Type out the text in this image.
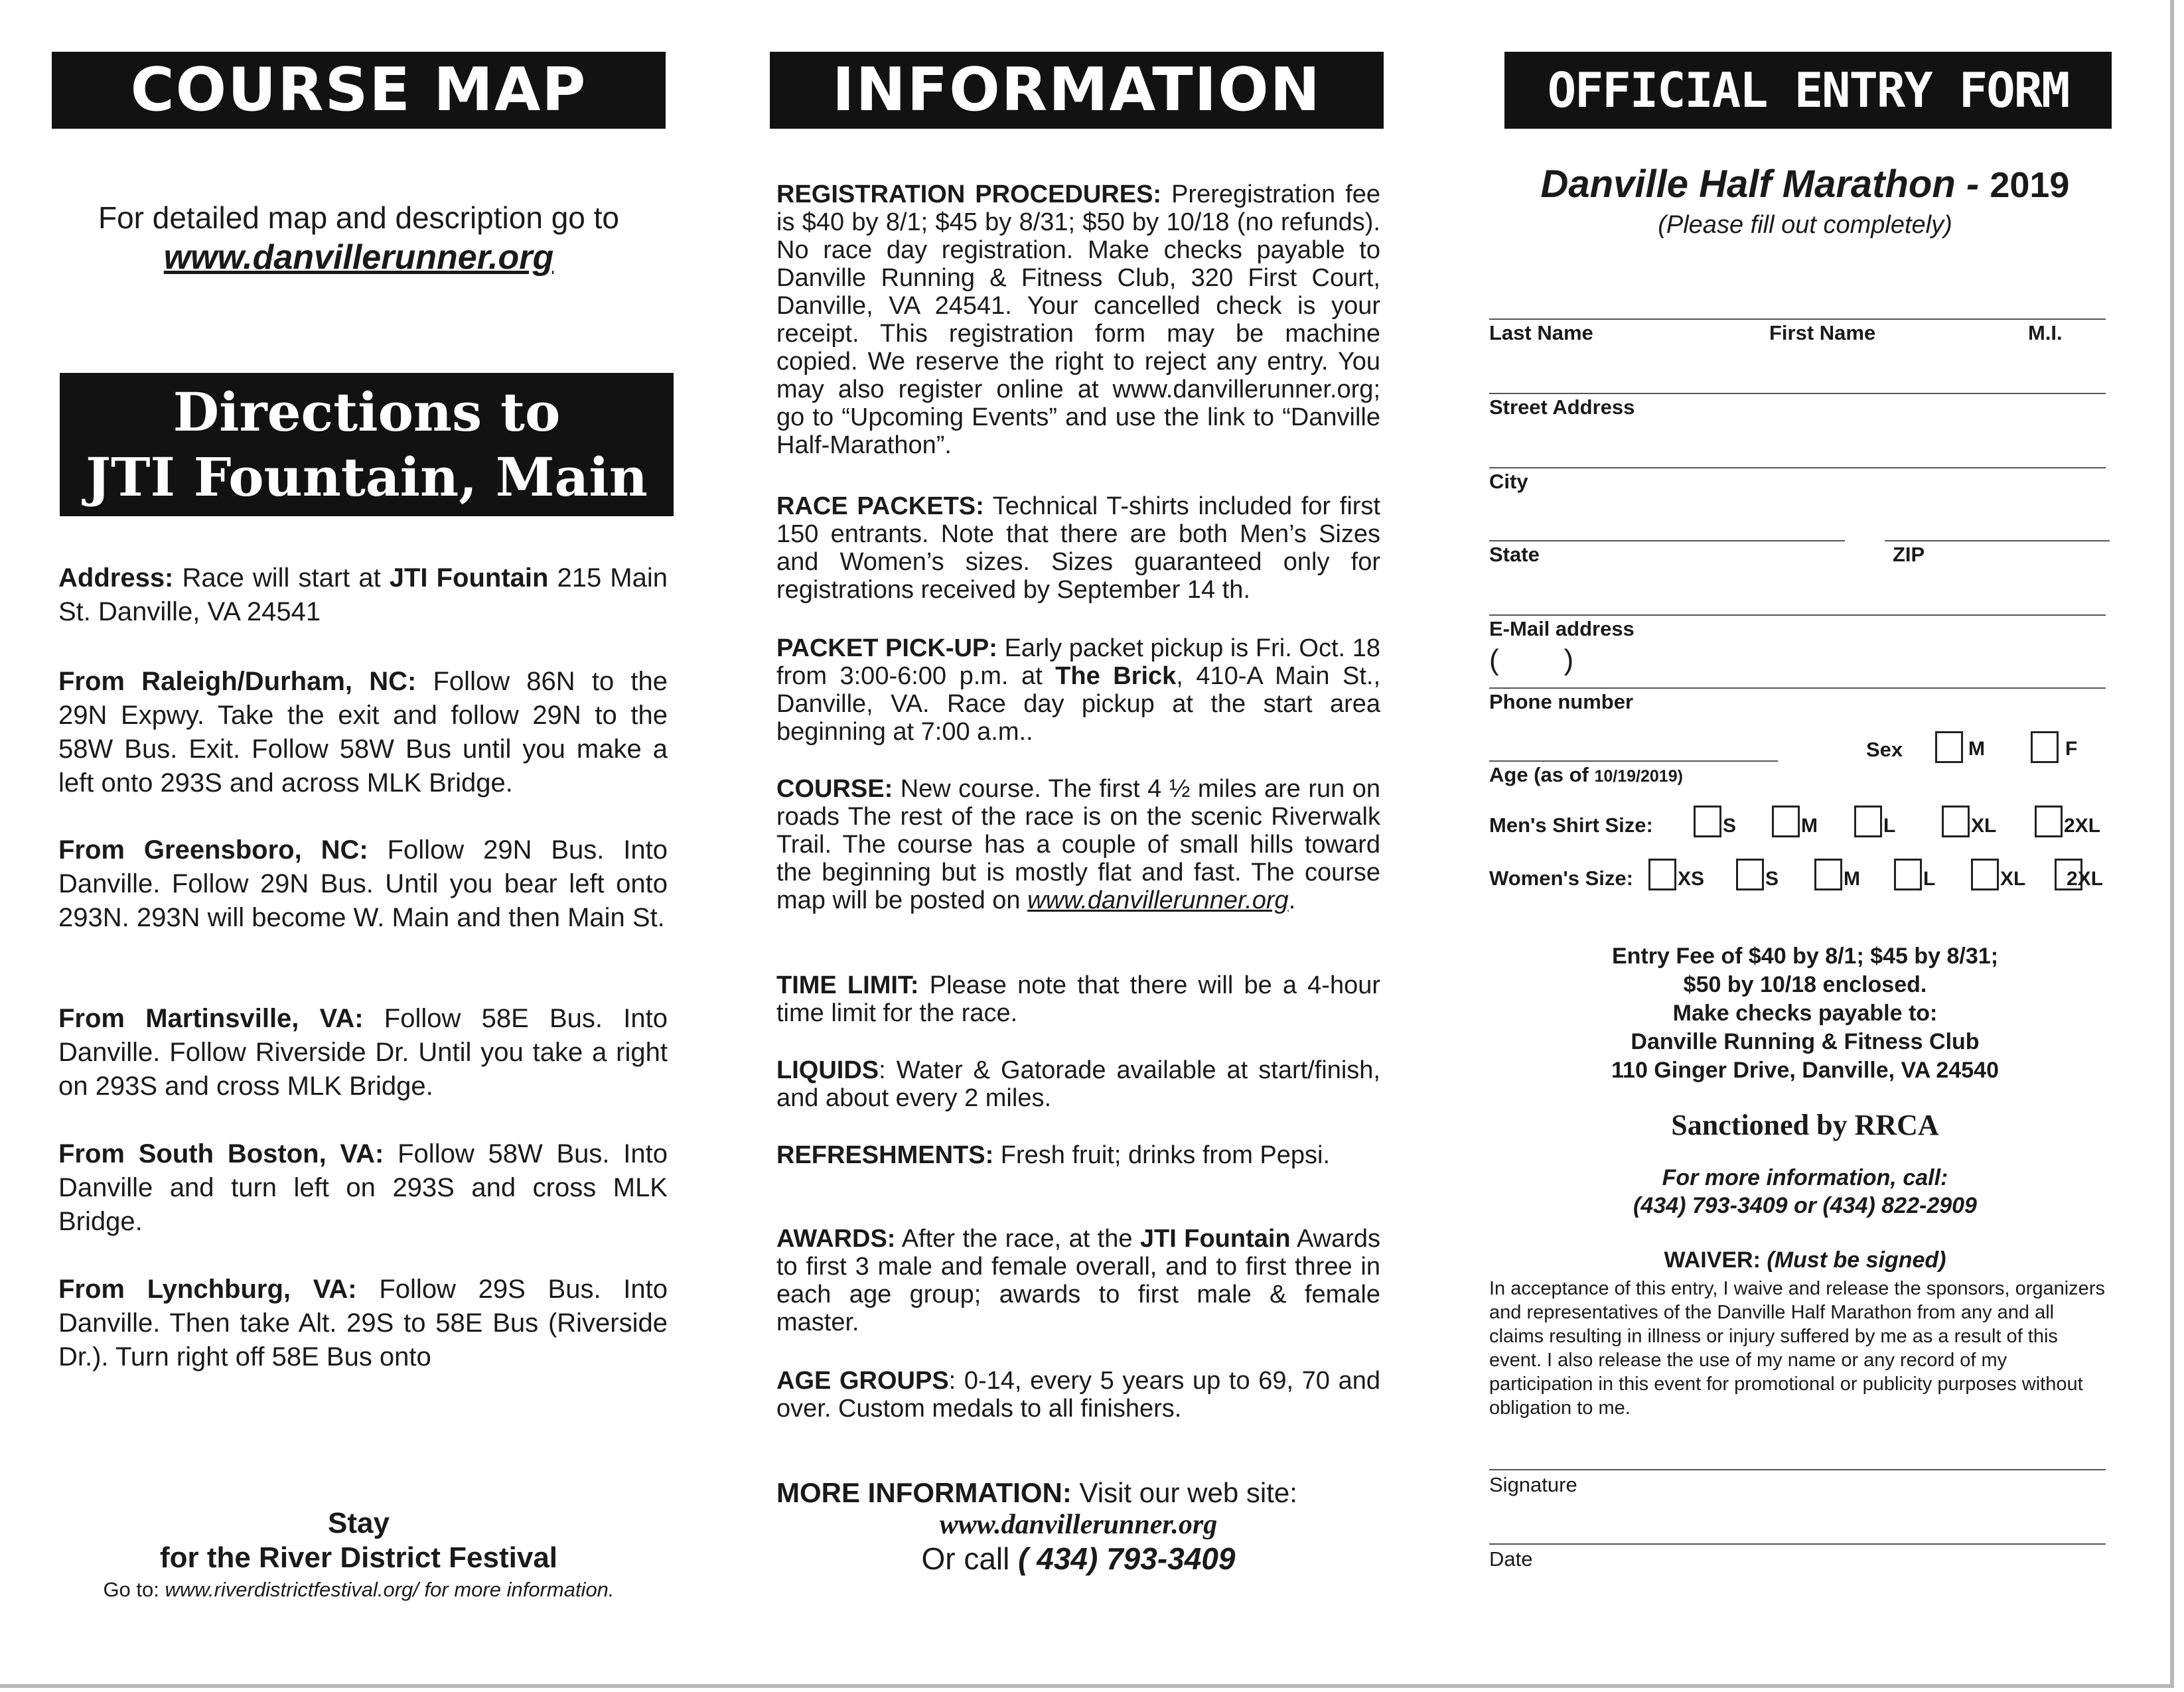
COURSE MAP
For detailed map and description go to
www.danvillerunner.org
Directions to
JTI Fountain, Main St.

Address: Race will start at JTI Fountain 215 Main St. Danville, VA 24541

From Raleigh/Durham, NC: Follow 86N to the 29N Expwy. Take the exit and follow 29N to the 58W Bus. Exit. Follow 58W Bus until you make a left onto 293S and across MLK Bridge.

From Greensboro, NC: Follow 29N Bus. Into Danville. Follow 29N Bus. Until you bear left onto 293N. 293N will become W. Main and then Main St.

From Martinsville, VA: Follow 58E Bus. Into Danville. Follow Riverside Dr. Until you take a right on 293S and cross MLK Bridge.

From South Boston, VA: Follow 58W Bus. Into Danville and turn left on 293S and cross MLK Bridge.

From Lynchburg, VA: Follow 29S Bus. Into Danville. Then take Alt. 29S to 58E Bus (Riverside Dr.). Turn right off 58E Bus onto

Stay
for the River District Festival
Go to: www.riverdistrictfestival.org/ for more information.
INFORMATION

REGISTRATION PROCEDURES: Preregistration fee is $40 by 8/1; $45 by 8/31; $50 by 10/18 (no refunds). No race day registration. Make checks payable to Danville Running & Fitness Club, 320 First Court, Danville, VA 24541. Your cancelled check is your receipt. This registration form may be machine copied. We reserve the right to reject any entry. You may also register online at www.danvillerunner.org; go to “Upcoming Events” and use the link to “Danville Half-Marathon”.

RACE PACKETS: Technical T-shirts included for first 150 entrants. Note that there are both Men’s Sizes and Women’s sizes. Sizes guaranteed only for registrations received by September 14 th.

PACKET PICK-UP: Early packet pickup is Fri. Oct. 18 from 3:00-6:00 p.m. at The Brick, 410-A Main St., Danville, VA. Race day pickup at the start area beginning at 7:00 a.m..

COURSE: New course. The first 4 ½ miles are run on roads The rest of the race is on the scenic Riverwalk Trail. The course has a couple of small hills toward the beginning but is mostly flat and fast. The course map will be posted on www.danvillerunner.org.

TIME LIMIT: Please note that there will be a 4-hour time limit for the race.

LIQUIDS: Water & Gatorade available at start/finish, and about every 2 miles.

REFRESHMENTS: Fresh fruit; drinks from Pepsi.

AWARDS: After the race, at the JTI Fountain Awards to first 3 male and female overall, and to first three in each age group; awards to first male & female master.

AGE GROUPS: 0-14, every 5 years up to 69, 70 and over. Custom medals to all finishers.

MORE INFORMATION: Visit our web site:
www.danvillerunner.org
Or call ( 434) 793-3409
OFFICIAL ENTRY FORM
Danville Half Marathon - 2019
(Please fill out completely)
Last Name	First Name	M.I.
Street Address
City
State	ZIP
E-Mail address
(        )
Phone number
Age (as of 10/19/2019)
Sex	M	F
Men's Shirt Size:	S	M	L	XL	2XL
Women's Size: XS	S	M	L	XL 2XL
Entry Fee of $40 by 8/1; $45 by 8/31;
$50 by 10/18 enclosed.
Make checks payable to:
Danville Running & Fitness Club
110 Ginger Drive, Danville, VA 24540
Sanctioned by RRCA
For more information, call:
(434) 793-3409 or (434) 822-2909
WAIVER: (Must be signed)

In acceptance of this entry, I waive and release the sponsors, organizers and representatives of the Danville Half Marathon from any and all claims resulting in illness or injury suffered by me as a result of this event. I also release the use of my name or any record of my participation in this event for promotional or publicity purposes without obligation to me.

Signature
Date
